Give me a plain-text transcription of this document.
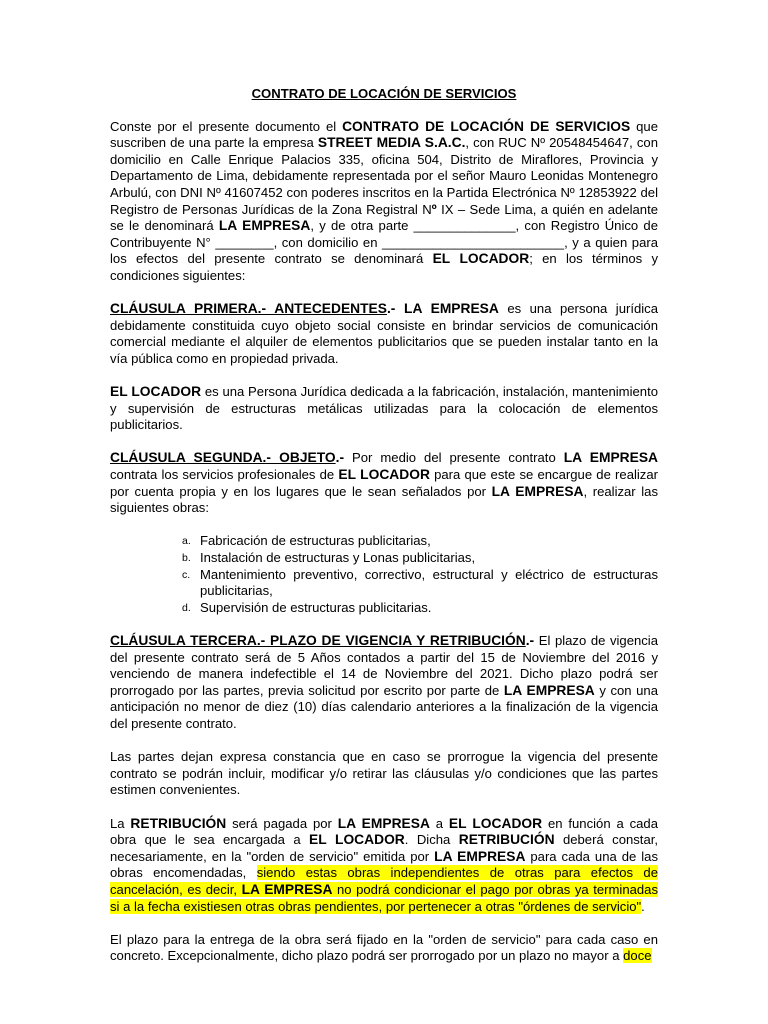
CONTRATO DE LOCACIÓN DE SERVICIOS

Conste por el presente documento el CONTRATO DE LOCACIÓN DE SERVICIOS que suscriben de una parte la empresa STREET MEDIA S.A.C., con RUC Nº 20548454647, con domicilio en Calle Enrique Palacios 335, oficina 504, Distrito de Miraflores, Provincia y Departamento de Lima, debidamente representada por el señor Mauro Leonidas Montenegro Arbulú, con DNI Nº 41607452 con poderes inscritos en la Partida Electrónica Nº 12853922 del Registro de Personas Jurídicas de la Zona Registral Nº IX – Sede Lima, a quién en adelante se le denominará LA EMPRESA, y de otra parte ______________, con Registro Único de Contribuyente N° ________, con domicilio en _________________________, y a quien para los efectos del presente contrato se denominará EL LOCADOR; en los términos y condiciones siguientes:

CLÁUSULA PRIMERA.- ANTECEDENTES.- LA EMPRESA es una persona jurídica debidamente constituida cuyo objeto social consiste en brindar servicios de comunicación comercial mediante el alquiler de elementos publicitarios que se pueden instalar tanto en la vía pública como en propiedad privada.

EL LOCADOR es una Persona Jurídica dedicada a la fabricación, instalación, mantenimiento y supervisión de estructuras metálicas utilizadas para la colocación de elementos publicitarios.

CLÁUSULA SEGUNDA.- OBJETO.- Por medio del presente contrato LA EMPRESA contrata los servicios profesionales de EL LOCADOR para que este se encargue de realizar por cuenta propia y en los lugares que le sean señalados por LA EMPRESA, realizar las siguientes obras:

a. Fabricación de estructuras publicitarias,
b. Instalación de estructuras y Lonas publicitarias,
c. Mantenimiento preventivo, correctivo, estructural y eléctrico de estructuras publicitarias,
d. Supervisión de estructuras publicitarias.

CLÁUSULA TERCERA.- PLAZO DE VIGENCIA Y RETRIBUCIÓN.- El plazo de vigencia del presente contrato será de 5 Años contados a partir del 15 de Noviembre del 2016 y venciendo de manera indefectible el 14 de Noviembre del 2021. Dicho plazo podrá ser prorrogado por las partes, previa solicitud por escrito por parte de LA EMPRESA y con una anticipación no menor de diez (10) días calendario anteriores a la finalización de la vigencia del presente contrato.

Las partes dejan expresa constancia que en caso se prorrogue la vigencia del presente contrato se podrán incluir, modificar y/o retirar las cláusulas y/o condiciones que las partes estimen convenientes.

La RETRIBUCIÓN será pagada por LA EMPRESA a EL LOCADOR en función a cada obra que le sea encargada a EL LOCADOR. Dicha RETRIBUCIÓN deberá constar, necesariamente, en la "orden de servicio" emitida por LA EMPRESA para cada una de las obras encomendadas, siendo estas obras independientes de otras para efectos de cancelación, es decir, LA EMPRESA no podrá condicionar el pago por obras ya terminadas si a la fecha existiesen otras obras pendientes, por pertenecer a otras "órdenes de servicio".

El plazo para la entrega de la obra será fijado en la "orden de servicio" para cada caso en concreto. Excepcionalmente, dicho plazo podrá ser prorrogado por un plazo no mayor a doce
